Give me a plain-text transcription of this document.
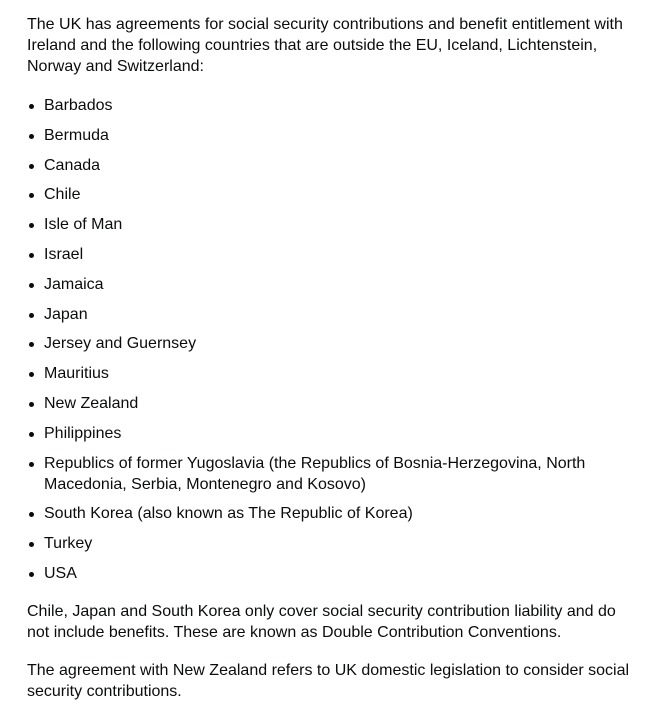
The UK has agreements for social security contributions and benefit entitlement with Ireland and the following countries that are outside the EU, Iceland, Lichtenstein, Norway and Switzerland:

Barbados
Bermuda
Canada
Chile
Isle of Man
Israel
Jamaica
Japan
Jersey and Guernsey
Mauritius
New Zealand
Philippines
Republics of former Yugoslavia (the Republics of Bosnia-Herzegovina, North Macedonia, Serbia, Montenegro and Kosovo)
South Korea (also known as The Republic of Korea)
Turkey
USA

Chile, Japan and South Korea only cover social security contribution liability and do not include benefits. These are known as Double Contribution Conventions.

The agreement with New Zealand refers to UK domestic legislation to consider social security contributions.
